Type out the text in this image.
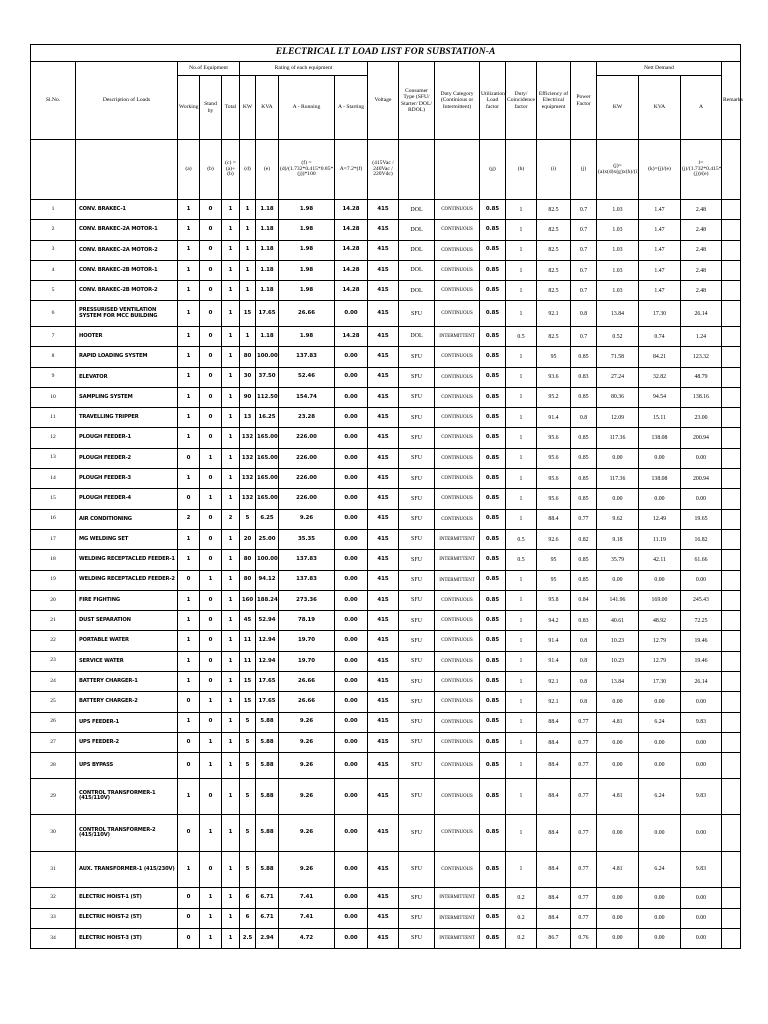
ELECTRICAL LT LOAD LIST FOR SUBSTATION-A																			
Sl.No.	Description of Loads	No.of Equipment			Rating of each equipment				Voltage	Consumer Type (SFU/ Starter/ DOL/ RDOL)	Duty Category (Continious or Intermittent)	Utilization/ Load factor	Duty/ Coincidence factor	Efficiency of Electrical equipment	Power Factor	Nett Demand			Remarks
		Working	Stand by	Total	KW	KVA	A - Running	A - Starting								KW	KVA	A	
		(a)	(b)	(c) = (a)+(b)	(d)	(e)	(f) = (d)/(1.732*0.415*0.85*(j))*100	A=7.2*(f)	(415Vac / 240Vac / 220Vdc)			(g)	(h)	(i)	(j)	(j)=(a)x(d)x(g)x(h)/(i)	(k)=(j)/(e)	l=(j)/(1.732*0.415*(j))/(e)	
1	CONV. BRAKEC-1	1	0	1	1	1.18	1.98	14.28	415	DOL	CONTINUOUS	0.85	1	82.5	0.7	1.03	1.47	2.48	
2	CONV. BRAKEC-2A MOTOR-1	1	0	1	1	1.18	1.98	14.28	415	DOL	CONTINUOUS	0.85	1	82.5	0.7	1.03	1.47	2.48	
3	CONV. BRAKEC-2A MOTOR-2	1	0	1	1	1.18	1.98	14.28	415	DOL	CONTINUOUS	0.85	1	82.5	0.7	1.03	1.47	2.48	
4	CONV. BRAKEC-2B MOTOR-1	1	0	1	1	1.18	1.98	14.28	415	DOL	CONTINUOUS	0.85	1	82.5	0.7	1.03	1.47	2.48	
5	CONV. BRAKEC-2B MOTOR-2	1	0	1	1	1.18	1.98	14.28	415	DOL	CONTINUOUS	0.85	1	82.5	0.7	1.03	1.47	2.48	
6	PRESSURISED VENTILATION SYSTEM FOR MCC BUILDING	1	0	1	15	17.65	26.66	0.00	415	SFU	CONTINUOUS	0.85	1	92.1	0.8	13.84	17.30	26.14	
7	HOOTER	1	0	1	1	1.18	1.98	14.28	415	DOL	INTERMITTENT	0.85	0.5	82.5	0.7	0.52	0.74	1.24	
8	RAPID LOADING SYSTEM	1	0	1	80	100.00	137.83	0.00	415	SFU	CONTINUOUS	0.85	1	95	0.85	71.58	84.21	123.32	
9	ELEVATOR	1	0	1	30	37.50	52.46	0.00	415	SFU	CONTINUOUS	0.85	1	93.6	0.83	27.24	32.82	48.79	
10	SAMPLING SYSTEM	1	0	1	90	112.50	154.74	0.00	415	SFU	CONTINUOUS	0.85	1	95.2	0.85	80.36	94.54	138.16	
11	TRAVELLING TRIPPER	1	0	1	13	16.25	23.28	0.00	415	SFU	CONTINUOUS	0.85	1	91.4	0.8	12.09	15.11	23.00	
12	PLOUGH FEEDER-1	1	0	1	132	165.00	226.00	0.00	415	SFU	CONTINUOUS	0.85	1	95.6	0.85	117.36	138.08	200.94	
13	PLOUGH FEEDER-2	0	1	1	132	165.00	226.00	0.00	415	SFU	CONTINUOUS	0.85	1	95.6	0.85	0.00	0.00	0.00	
14	PLOUGH FEEDER-3	1	0	1	132	165.00	226.00	0.00	415	SFU	CONTINUOUS	0.85	1	95.6	0.85	117.36	138.08	200.94	
15	PLOUGH FEEDER-4	0	1	1	132	165.00	226.00	0.00	415	SFU	CONTINUOUS	0.85	1	95.6	0.85	0.00	0.00	0.00	
16	AIR CONDITIONING	2	0	2	5	6.25	9.26	0.00	415	SFU	CONTINUOUS	0.85	1	88.4	0.77	9.62	12.49	19.65	
17	MG WELDING SET	1	0	1	20	25.00	35.35	0.00	415	SFU	INTERMITTENT	0.85	0.5	92.6	0.82	9.18	11.19	16.82	
18	WELDING RECEPTACLED FEEDER-1	1	0	1	80	100.00	137.83	0.00	415	SFU	INTERMITTENT	0.85	0.5	95	0.85	35.79	42.11	61.66	
19	WELDING RECEPTACLED FEEDER-2	0	1	1	80	94.12	137.83	0.00	415	SFU	INTERMITTENT	0.85	1	95	0.85	0.00	0.00	0.00	
20	FIRE FIGHTING	1	0	1	160	188.24	273.36	0.00	415	SFU	CONTINUOUS	0.85	1	95.8	0.84	141.96	169.00	245.43	
21	DUST SEPARATION	1	0	1	45	52.94	78.19	0.00	415	SFU	CONTINUOUS	0.85	1	94.2	0.83	40.61	48.92	72.25	
22	PORTABLE WATER	1	0	1	11	12.94	19.70	0.00	415	SFU	CONTINUOUS	0.85	1	91.4	0.8	10.23	12.79	19.46	
23	SERVICE WATER	1	0	1	11	12.94	19.70	0.00	415	SFU	CONTINUOUS	0.85	1	91.4	0.8	10.23	12.79	19.46	
24	BATTERY CHARGER-1	1	0	1	15	17.65	26.66	0.00	415	SFU	CONTINUOUS	0.85	1	92.1	0.8	13.84	17.30	26.14	
25	BATTERY CHARGER-2	0	1	1	15	17.65	26.66	0.00	415	SFU	CONTINUOUS	0.85	1	92.1	0.8	0.00	0.00	0.00	
26	UPS FEEDER-1	1	0	1	5	5.88	9.26	0.00	415	SFU	CONTINUOUS	0.85	1	88.4	0.77	4.81	6.24	9.83	
27	UPS FEEDER-2	0	1	1	5	5.88	9.26	0.00	415	SFU	CONTINUOUS	0.85	1	88.4	0.77	0.00	0.00	0.00	
28	UPS BYPASS	0	1	1	5	5.88	9.26	0.00	415	SFU	CONTINUOUS	0.85	1	88.4	0.77	0.00	0.00	0.00	
29	CONTROL TRANSFORMER-1 (415/110V)	1	0	1	5	5.88	9.26	0.00	415	SFU	CONTINUOUS	0.85	1	88.4	0.77	4.81	6.24	9.83	
30	CONTROL TRANSFORMER-2 (415/110V)	0	1	1	5	5.88	9.26	0.00	415	SFU	CONTINUOUS	0.85	1	88.4	0.77	0.00	0.00	0.00	
31	AUX. TRANSFORMER-1 (415/230V)	1	0	1	5	5.88	9.26	0.00	415	SFU	CONTINUOUS	0.85	1	88.4	0.77	4.81	6.24	9.83	
32	ELECTRIC HOIST-1 (5T)	0	1	1	6	6.71	7.41	0.00	415	SFU	INTERMITTENT	0.85	0.2	88.4	0.77	0.00	0.00	0.00	
33	ELECTRIC HOIST-2 (5T)	0	1	1	6	6.71	7.41	0.00	415	SFU	INTERMITTENT	0.85	0.2	88.4	0.77	0.00	0.00	0.00	
34	ELECTRIC HOIST-3 (3T)	0	1	1	2.5	2.94	4.72	0.00	415	SFU	INTERMITTENT	0.85	0.2	86.7	0.76	0.00	0.00	0.00	
